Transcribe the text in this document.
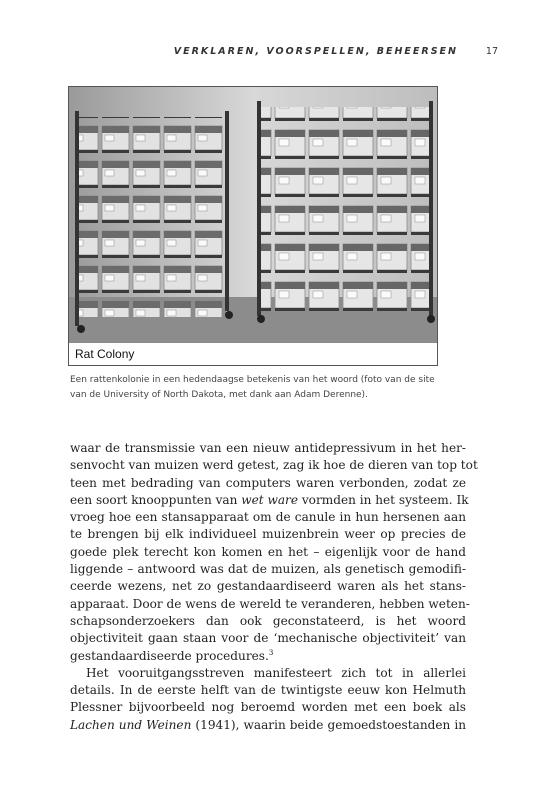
VERKLAREN, VOORSPELLEN, BEHEERSEN	17
Rat Colony
Een rattenkolonie in een hedendaagse betekenis van het woord (foto van de site van de University of North Dakota, met dank aan Adam Derenne).

waar de transmissie van een nieuw antidepressivum in het her-
senvocht van muizen werd getest, zag ik hoe de dieren van top tot
teen met bedrading van computers waren verbonden, zodat ze
een soort knooppunten van wet ware vormden in het systeem. Ik
vroeg hoe een stansapparaat om de canule in hun hersenen aan
te brengen bij elk individueel muizenbrein weer op precies de
goede plek terecht kon komen en het – eigenlijk voor de hand
liggende – antwoord was dat de muizen, als genetisch gemodifi-
ceerde wezens, net zo gestandaardiseerd waren als het stans-
apparaat. Door de wens de wereld te veranderen, hebben weten-
schapsonderzoekers dan ook geconstateerd, is het woord
objectiviteit gaan staan voor de ‘mechanische objectiviteit’ van
gestandaardiseerde procedures.$^3$

Het vooruitgangsstreven manifesteert zich tot in allerlei
details. In de eerste helft van de twintigste eeuw kon Helmuth
Plessner bijvoorbeeld nog beroemd worden met een boek als
Lachen und Weinen (1941), waarin beide gemoedstoestanden in
